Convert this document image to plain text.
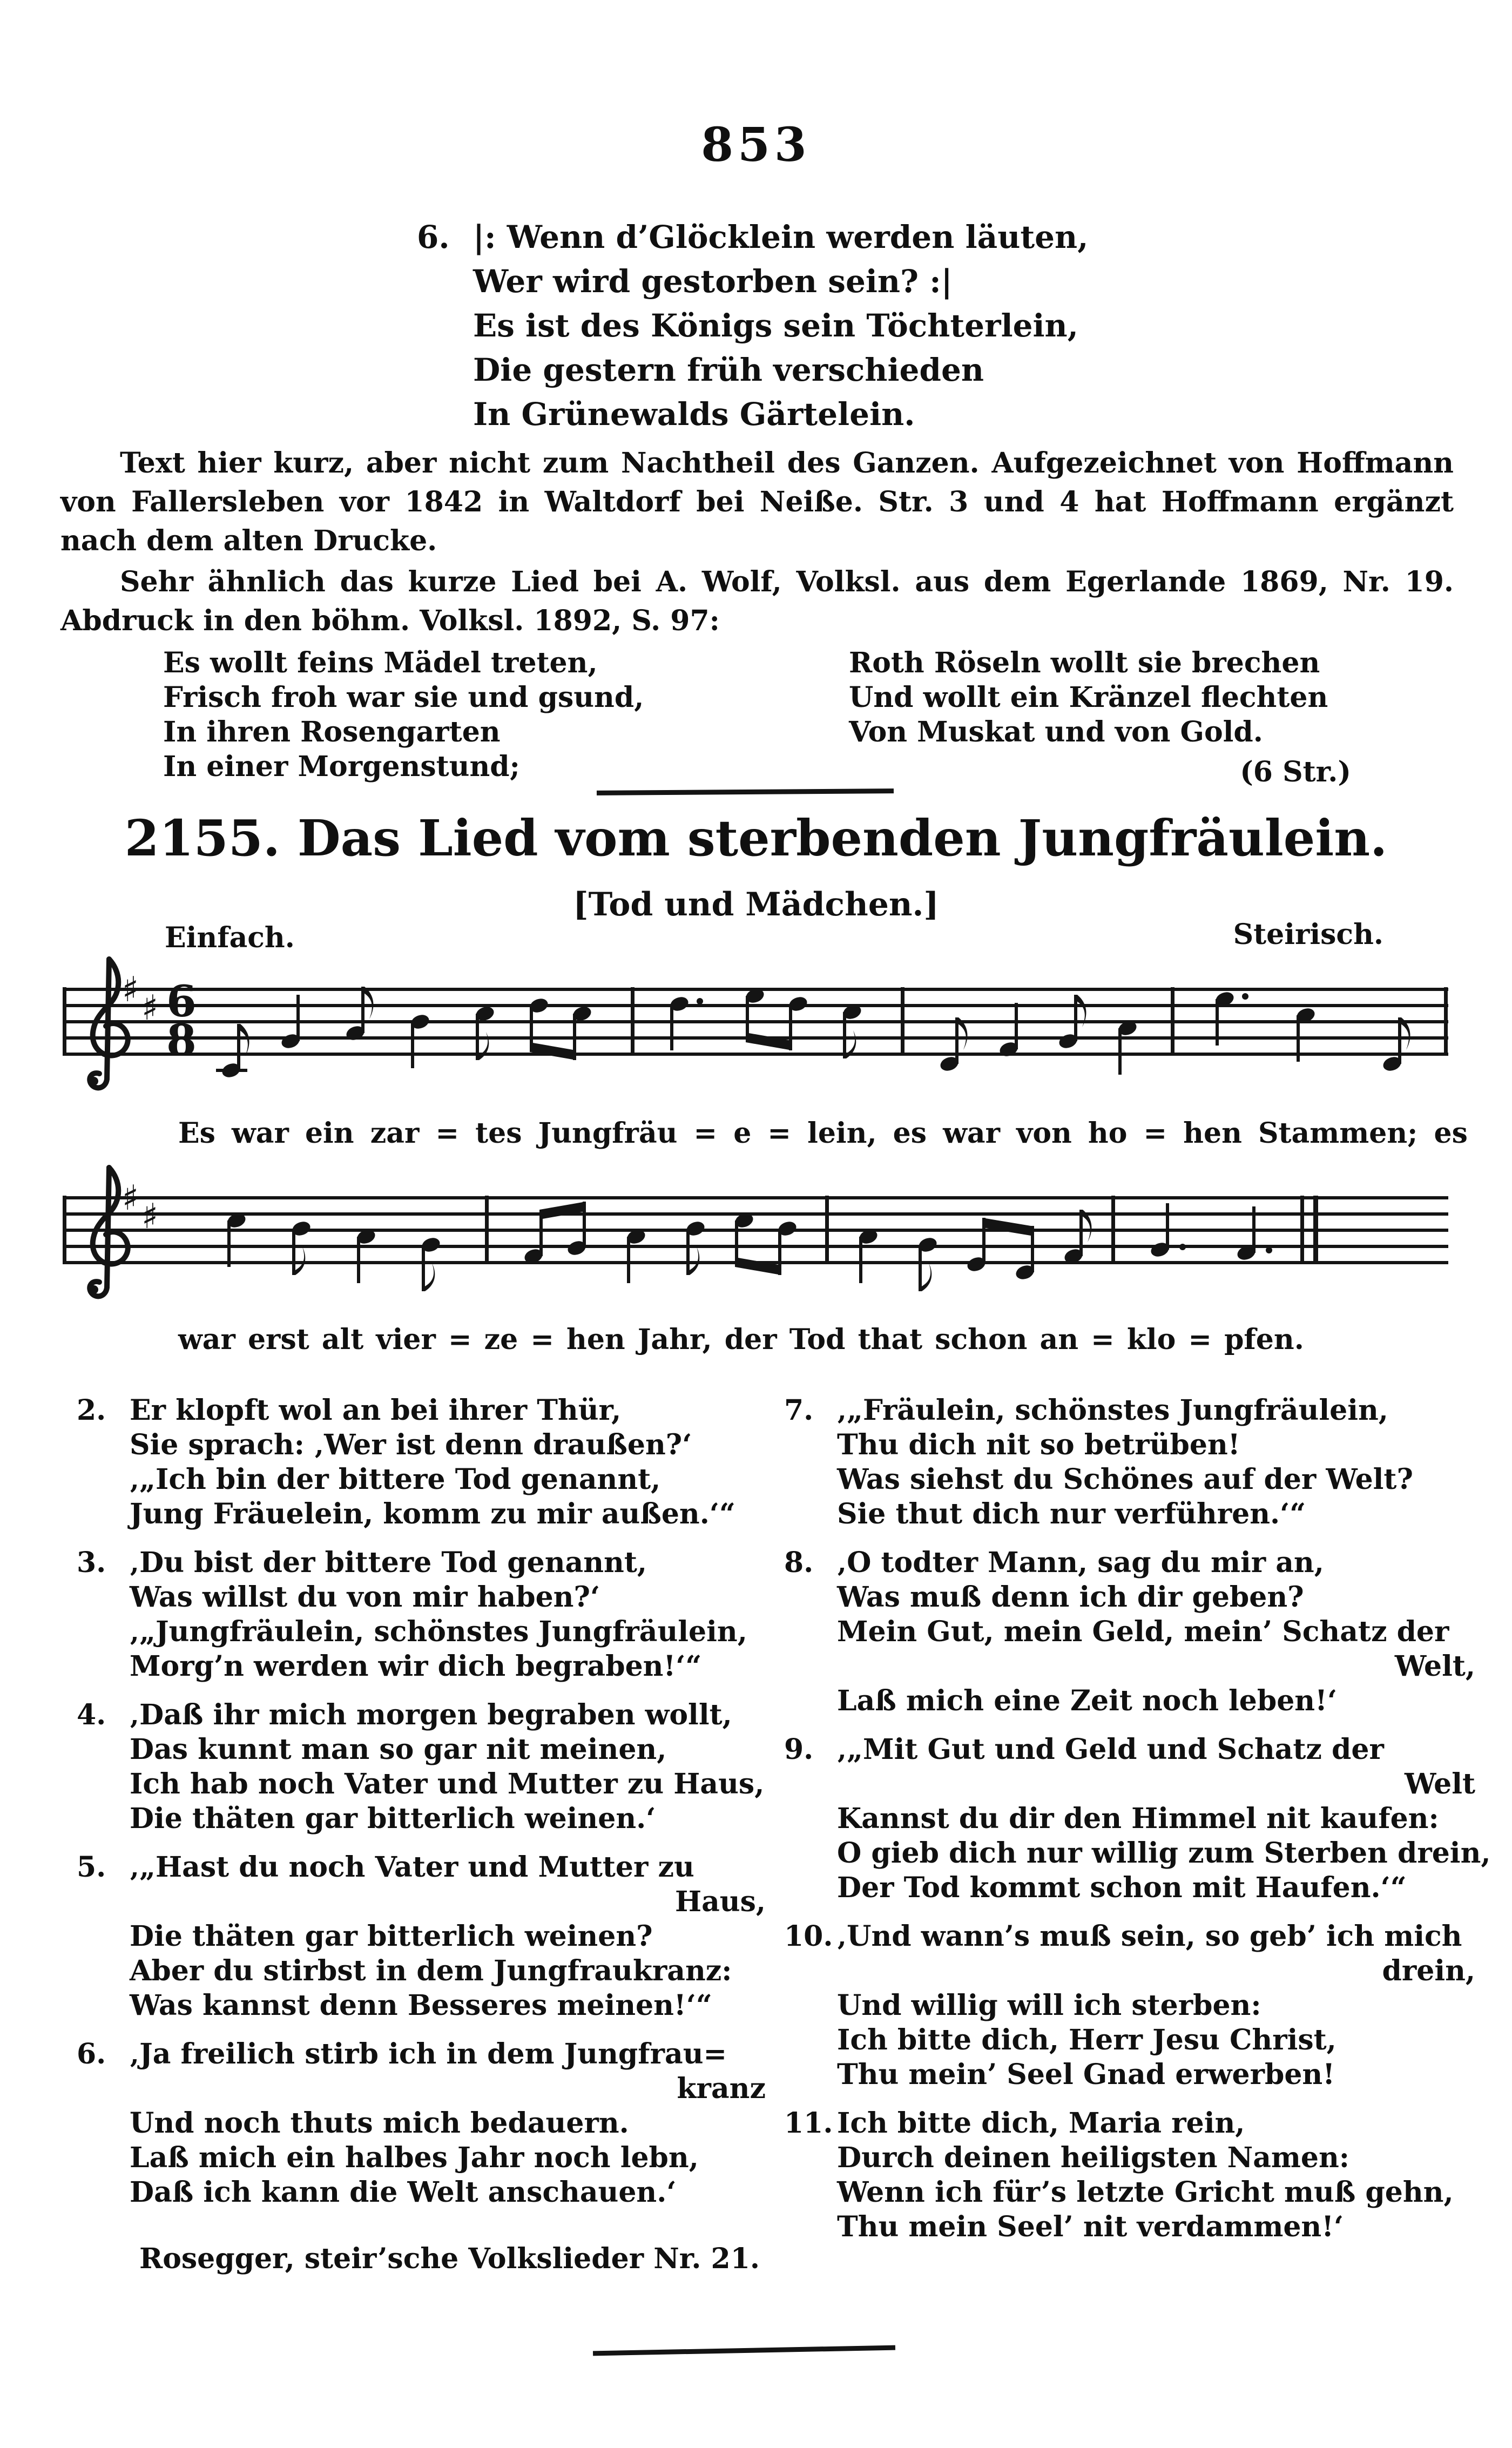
853
6. |: Wenn d’Glöcklein werden läuten,
Wer wird gestorben sein? :|
Es ist des Königs sein Töchterlein,
Die gestern früh verschieden
In Grünewalds Gärtelein.
Text hier kurz, aber nicht zum Nachtheil des Ganzen. Aufgezeichnet von Hoffmann von Fallersleben vor 1842 in Waltdorf bei Neiße. Str. 3 und 4 hat Hoffmann ergänzt nach dem alten Drucke.
Sehr ähnlich das kurze Lied bei A. Wolf, Volksl. aus dem Egerlande 1869, Nr. 19. Abdruck in den böhm. Volksl. 1892, S. 97:
Es wollt feins Mädel treten,
Frisch froh war sie und gsund,
In ihren Rosengarten
In einer Morgenstund;
Roth Röseln wollt sie brechen
Und wollt ein Kränzel flechten
Von Muskat und von Gold.
(6 Str.)
2155. Das Lied vom sterbenden Jungfräulein.
[Tod und Mädchen.]
Einfach.	Steirisch.
♯ ♯ 6
8
Es war ein zar = tes Jungfräu = e = lein, es war von ho = hen Stammen; es
♯ ♯
war erst alt vier = ze = hen Jahr, der Tod that schon an = klo = pfen.
2. Er klopft wol an bei ihrer Thür,
Sie sprach: ‚Wer ist denn draußen?‘
‚„Ich bin der bittere Tod genannt,
Jung Fräuelein, komm zu mir außen.‘“
3. ‚Du bist der bittere Tod genannt,
Was willst du von mir haben?‘
‚„Jungfräulein, schönstes Jungfräulein,
Morg’n werden wir dich begraben!‘“
4. ‚Daß ihr mich morgen begraben wollt,
Das kunnt man so gar nit meinen,
Ich hab noch Vater und Mutter zu Haus,
Die thäten gar bitterlich weinen.‘
5. ‚„Hast du noch Vater und Mutter zu
Haus,
Die thäten gar bitterlich weinen?
Aber du stirbst in dem Jungfraukranz:
Was kannst denn Besseres meinen!‘“
6. ‚Ja freilich stirb ich in dem Jungfrau=
kranz
Und noch thuts mich bedauern.
Laß mich ein halbes Jahr noch lebn,
Daß ich kann die Welt anschauen.‘
7. ‚„Fräulein, schönstes Jungfräulein,
Thu dich nit so betrüben!
Was siehst du Schönes auf der Welt?
Sie thut dich nur verführen.‘“
8. ‚O todter Mann, sag du mir an,
Was muß denn ich dir geben?
Mein Gut, mein Geld, mein’ Schatz der
Welt,
Laß mich eine Zeit noch leben!‘
9. ‚„Mit Gut und Geld und Schatz der
Welt
Kannst du dir den Himmel nit kaufen:
O gieb dich nur willig zum Sterben drein,
Der Tod kommt schon mit Haufen.‘“
10. ‚Und wann’s muß sein, so geb’ ich mich
drein,
Und willig will ich sterben:
Ich bitte dich, Herr Jesu Christ,
Thu mein’ Seel Gnad erwerben!
11. Ich bitte dich, Maria rein,
Durch deinen heiligsten Namen:
Wenn ich für’s letzte Gricht muß gehn,
Thu mein Seel’ nit verdammen!‘
Rosegger, steir’sche Volkslieder Nr. 21.
